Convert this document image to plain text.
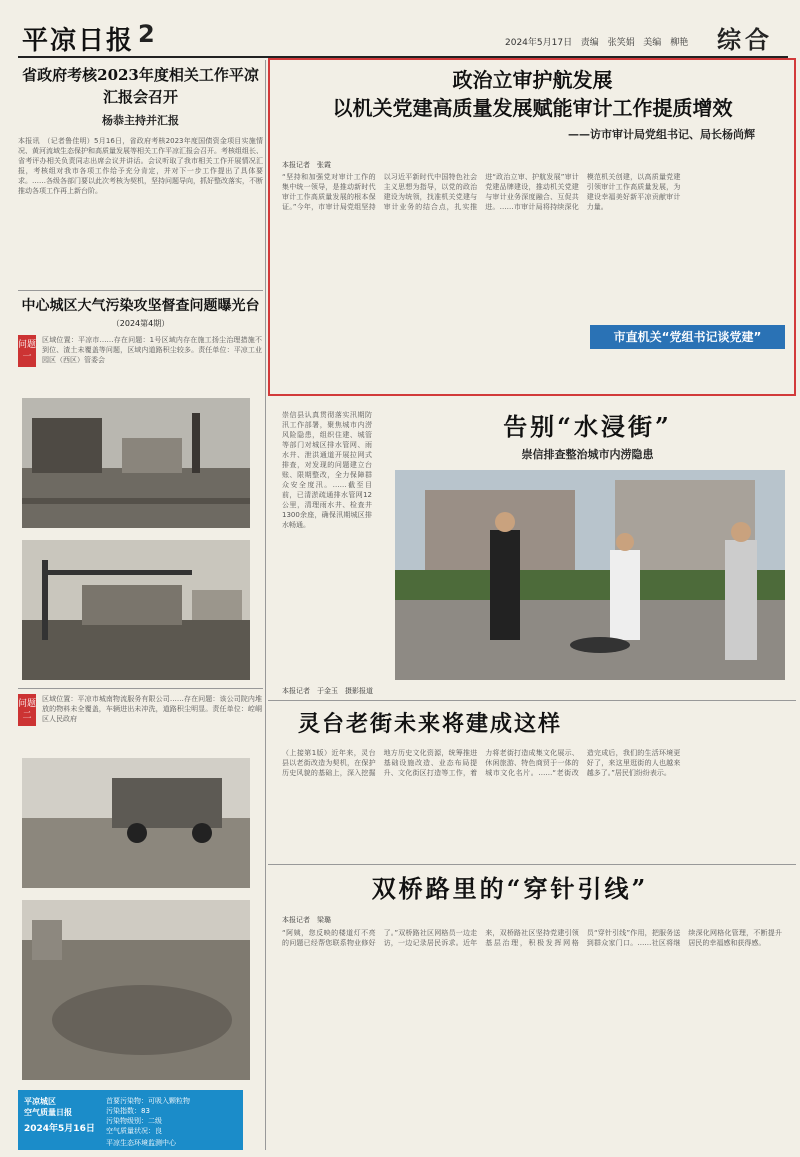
平凉日报 2	2024年5月17日 责编　张笑娟 美编　柳艳 综合
省政府考核2023年度相关工作平凉汇报会召开
杨恭主持并汇报
本报讯　（记者鲁佳明）5月16日，省政府考核2023年度国债资金项目实施情况、黄河流域生态保护和高质量发展等相关工作平凉汇报会召开。考核组组长、省考评办相关负责同志出席会议并讲话。会议听取了我市相关工作开展情况汇报，考核组对我市各项工作给予充分肯定，并对下一步工作提出了具体要求。……各级各部门要以此次考核为契机，坚持问题导向，抓好整改落实，不断推动各项工作再上新台阶。
中心城区大气污染攻坚督查问题曝光台
（2024第4期）
问题一
区域位置：平凉市……存在问题：1号区域内存在施工扬尘治理措施不到位、渣土未覆盖等问题，区域内道路积尘较多。责任单位：平凉工业园区（西区）管委会
问题二
区域位置：平凉市城南物流服务有限公司……存在问题：该公司院内堆放的物料未全覆盖，车辆进出未冲洗，道路积尘明显。责任单位：崆峒区人民政府
平凉城区
空气质量日报
2024年5月16日
首要污染物：可吸入颗粒物
污染指数：83
污染物级别：二级
空气质量状况：良
平凉生态环境监测中心
政治立审护航发展
以机关党建高质量发展赋能审计工作提质增效
——访市审计局党组书记、局长杨尚辉
本报记者　张霞
“坚持和加强党对审计工作的集中统一领导，是推动新时代审计工作高质量发展的根本保证。”今年，市审计局党组坚持以习近平新时代中国特色社会主义思想为指导，以党的政治建设为统领，找准机关党建与审计业务的结合点，扎实推进“政治立审、护航发展”审计党建品牌建设，推动机关党建与审计业务深度融合、互促共进。……市审计局将持续深化模范机关创建，以高质量党建引领审计工作高质量发展，为建设幸福美好新平凉贡献审计力量。
市直机关“党组书记谈党建”
崇信县认真贯彻落实汛期防汛工作部署，聚焦城市内涝风险隐患，组织住建、城管等部门对城区排水管网、雨水井、泄洪通道开展拉网式排查，对发现的问题建立台账、限期整改，全力保障群众安全度汛。……截至目前，已清淤疏通排水管网12公里，清理雨水井、检查井1300余座，确保汛期城区排水畅通。
告别“水浸街”
崇信排查整治城市内涝隐患
本报记者　于金玉　摄影报道
灵台老街未来将建成这样
（上接第1版）近年来，灵台县以老街改造为契机，在保护历史风貌的基础上，深入挖掘地方历史文化资源，统筹推进基础设施改造、业态布局提升、文化街区打造等工作，着力将老街打造成集文化展示、休闲旅游、特色商贸于一体的城市文化名片。……“老街改造完成后，我们的生活环境更好了，来这里逛街的人也越来越多了。”居民们纷纷表示。
双桥路里的“穿针引线”
本报记者　梁璐
“阿姨，您反映的楼道灯不亮的问题已经帮您联系物业修好了。”双桥路社区网格员一边走访，一边记录居民诉求。近年来，双桥路社区坚持党建引领基层治理，积极发挥网格员“穿针引线”作用，把服务送到群众家门口。……社区将继续深化网格化管理，不断提升居民的幸福感和获得感。
